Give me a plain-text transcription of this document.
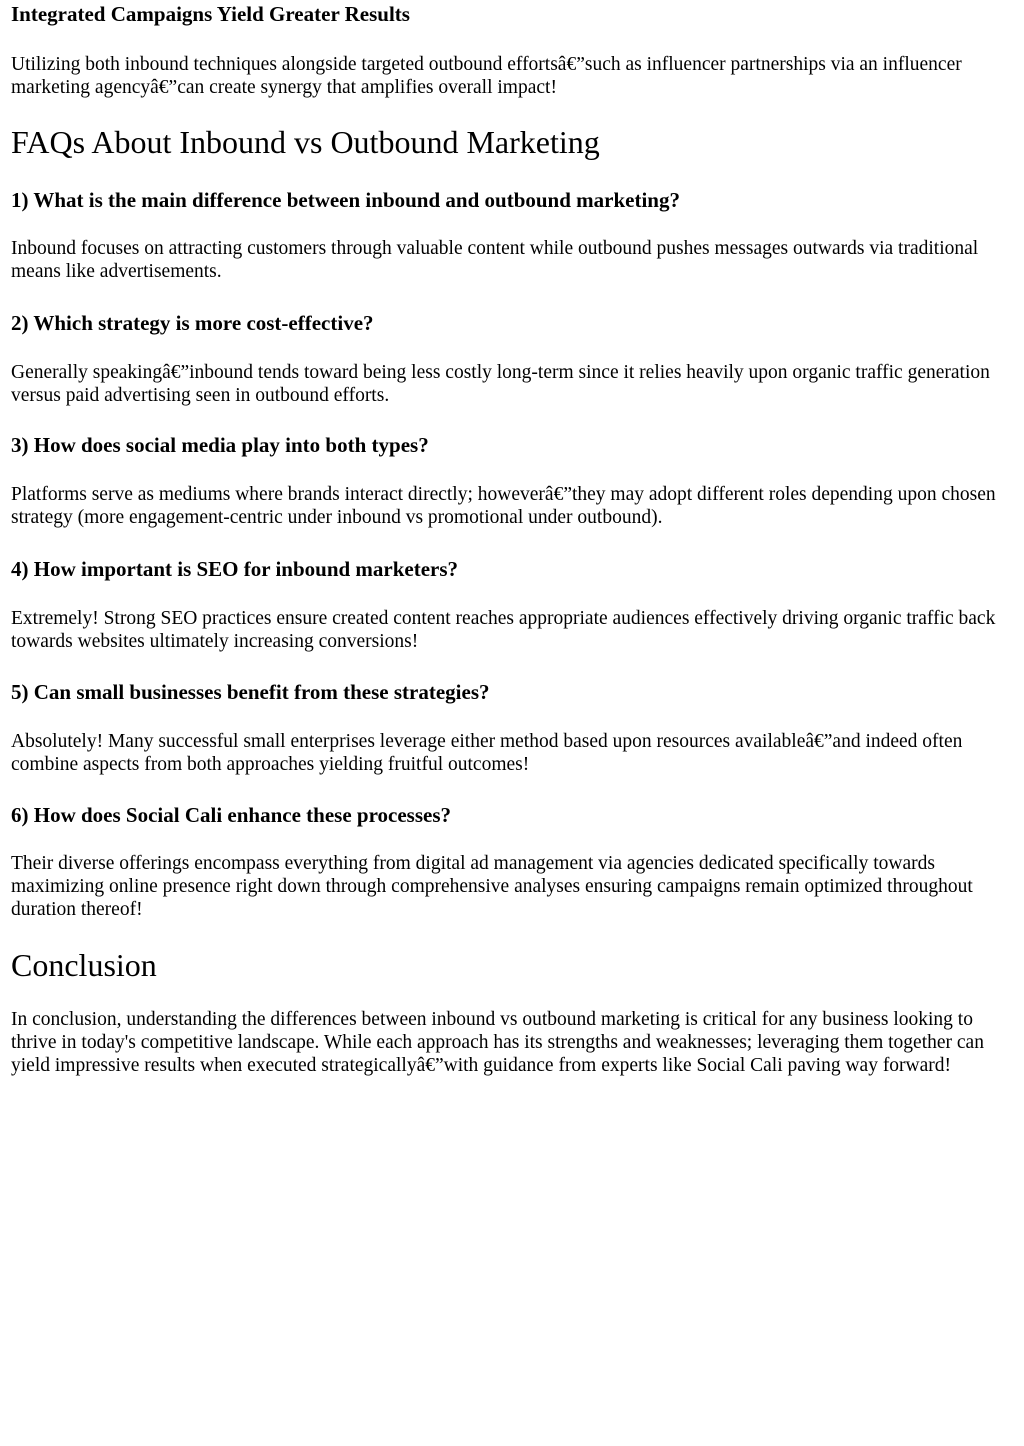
Integrated Campaigns Yield Greater Results

Utilizing both inbound techniques alongside targeted outbound effortsâ€”such as influencer partnerships via an influencer marketing agencyâ€”can create synergy that amplifies overall impact!

FAQs About Inbound vs Outbound Marketing
1) What is the main difference between inbound and outbound marketing?

Inbound focuses on attracting customers through valuable content while outbound pushes messages outwards via traditional means like advertisements.

2) Which strategy is more cost-effective?

Generally speakingâ€”inbound tends toward being less costly long-term since it relies heavily upon organic traffic generation versus paid advertising seen in outbound efforts.

3) How does social media play into both types?

Platforms serve as mediums where brands interact directly; howeverâ€”they may adopt different roles depending upon chosen strategy (more engagement-centric under inbound vs promotional under outbound).

4) How important is SEO for inbound marketers?

Extremely! Strong SEO practices ensure created content reaches appropriate audiences effectively driving organic traffic back towards websites ultimately increasing conversions!

5) Can small businesses benefit from these strategies?

Absolutely! Many successful small enterprises leverage either method based upon resources availableâ€”and indeed often combine aspects from both approaches yielding fruitful outcomes!

6) How does Social Cali enhance these processes?

Their diverse offerings encompass everything from digital ad management via agencies dedicated specifically towards maximizing online presence right down through comprehensive analyses ensuring campaigns remain optimized throughout duration thereof!

Conclusion

In conclusion, understanding the differences between inbound vs outbound marketing is critical for any business looking to thrive in today's competitive landscape. While each approach has its strengths and weaknesses; leveraging them together can yield impressive results when executed strategicallyâ€”with guidance from experts like Social Cali paving way forward!
